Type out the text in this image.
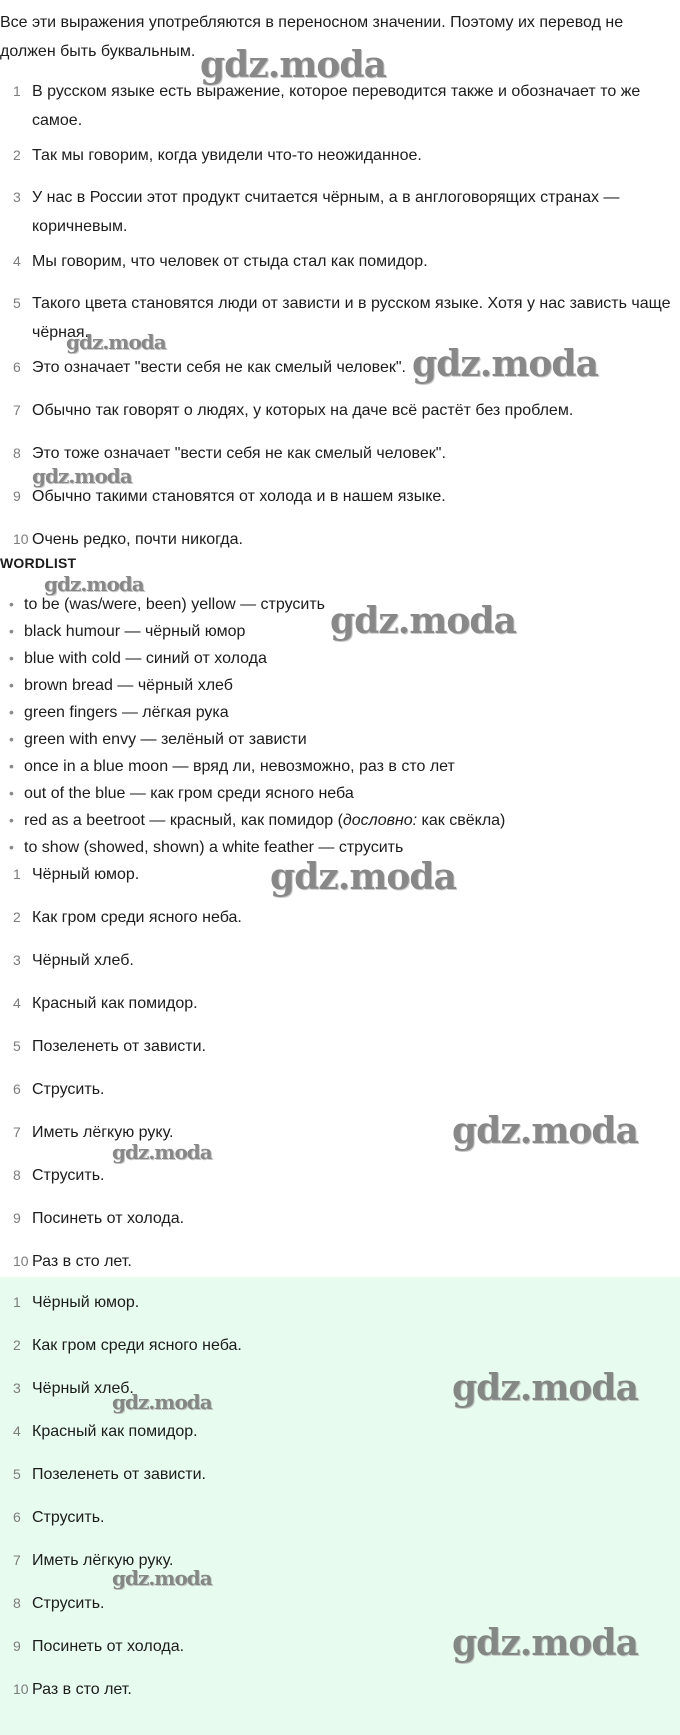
Все эти выражения употребляются в переносном значении. Поэтому их перевод не должен быть буквальным.
1 В русском языке есть выражение, которое переводится также и обозначает то же самое.
2 Так мы говорим, когда увидели что-то неожиданное.
3 У нас в России этот продукт считается чёрным, а в англоговорящих странах — коричневым.
4 Мы говорим, что человек от стыда стал как помидор.
5 Такого цвета становятся люди от зависти и в русском языке. Хотя у нас зависть чаще чёрная.
6 Это означает "вести себя не как смелый человек".
7 Обычно так говорят о людях, у которых на даче всё растёт без проблем.
8 Это тоже означает "вести себя не как смелый человек".
9 Обычно такими становятся от холода и в нашем языке.
10 Очень редко, почти никогда.
WORDLIST
• to be (was/were, been) yellow — струсить
• black humour — чёрный юмор
• blue with cold — синий от холода
• brown bread — чёрный хлеб
• green fingers — лёгкая рука
• green with envy — зелёный от зависти
• once in a blue moon — вряд ли, невозможно, раз в сто лет
• out of the blue — как гром среди ясного неба
• red as a beetroot — красный, как помидор (дословно: как свёкла)
• to show (showed, shown) a white feather — струсить
1 Чёрный юмор.
2 Как гром среди ясного неба.
3 Чёрный хлеб.
4 Красный как помидор.
5 Позеленеть от зависти.
6 Струсить.
7 Иметь лёгкую руку.
8 Струсить.
9 Посинеть от холода.
10 Раз в сто лет.
1 Чёрный юмор.
2 Как гром среди ясного неба.
3 Чёрный хлеб.
4 Красный как помидор.
5 Позеленеть от зависти.
6 Струсить.
7 Иметь лёгкую руку.
8 Струсить.
9 Посинеть от холода.
10 Раз в сто лет.
gdz.moda
gdz.moda
gdz.moda
gdz.moda
gdz.moda
gdz.moda
gdz.moda
gdz.moda
gdz.moda
gdz.moda
gdz.moda
gdz.moda
gdz.moda
